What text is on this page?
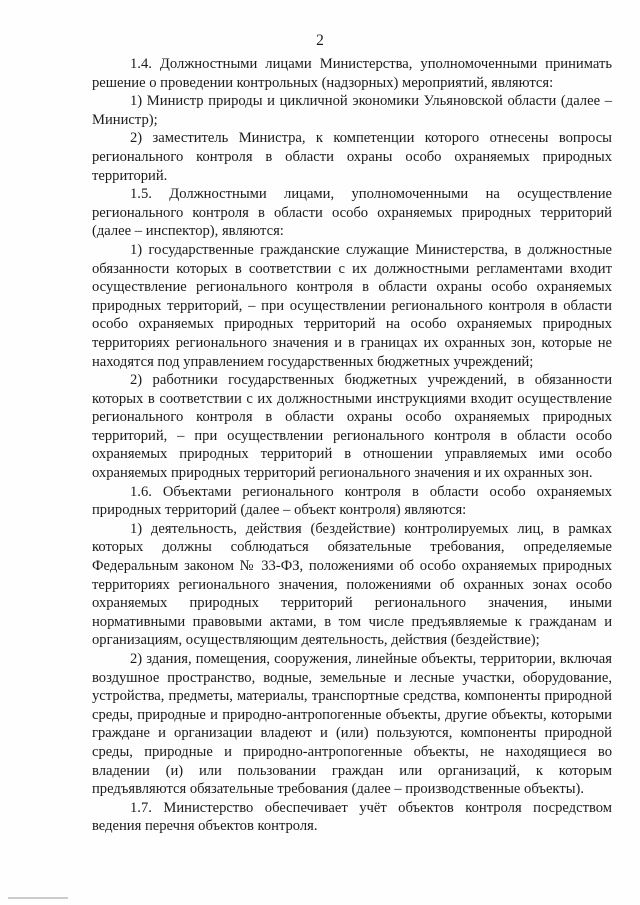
2

1.4. Должностными лицами Министерства, уполномоченными принимать решение о проведении контрольных (надзорных) мероприятий, являются:

1) Министр природы и цикличной экономики Ульяновской области (далее – Министр);

2) заместитель Министра, к компетенции которого отнесены вопросы регионального контроля в области охраны особо охраняемых природных территорий.

1.5. Должностными лицами, уполномоченными на осуществление регионального контроля в области особо охраняемых природных территорий (далее – инспектор), являются:

1) государственные гражданские служащие Министерства, в должностные обязанности которых в соответствии с их должностными регламентами входит осуществление регионального контроля в области охраны особо охраняемых природных территорий, – при осуществлении регионального контроля в области особо охраняемых природных территорий на особо охраняемых природных территориях регионального значения и в границах их охранных зон, которые не находятся под управлением государственных бюджетных учреждений;

2) работники государственных бюджетных учреждений, в обязанности которых в соответствии с их должностными инструкциями входит осуществление регионального контроля в области охраны особо охраняемых природных территорий, – при осуществлении регионального контроля в области особо охраняемых природных территорий в отношении управляемых ими особо охраняемых природных территорий регионального значения и их охранных зон.

1.6. Объектами регионального контроля в области особо охраняемых природных территорий (далее – объект контроля) являются:

1) деятельность, действия (бездействие) контролируемых лиц, в рамках которых должны соблюдаться обязательные требования, определяемые Федеральным законом № 33-ФЗ, положениями об особо охраняемых природных территориях регионального значения, положениями об охранных зонах особо охраняемых природных территорий регионального значения, иными нормативными правовыми актами, в том числе предъявляемые к гражданам и организациям, осуществляющим деятельность, действия (бездействие);

2) здания, помещения, сооружения, линейные объекты, территории, включая воздушное пространство, водные, земельные и лесные участки, оборудование, устройства, предметы, материалы, транспортные средства, компоненты природной среды, природные и природно-антропогенные объекты, другие объекты, которыми граждане и организации владеют и (или) пользуются, компоненты природной среды, природные и природно-антропогенные объекты, не находящиеся во владении (и) или пользовании граждан или организаций, к которым предъявляются обязательные требования (далее – производственные объекты).

1.7. Министерство обеспечивает учёт объектов контроля посредством ведения перечня объектов контроля.
